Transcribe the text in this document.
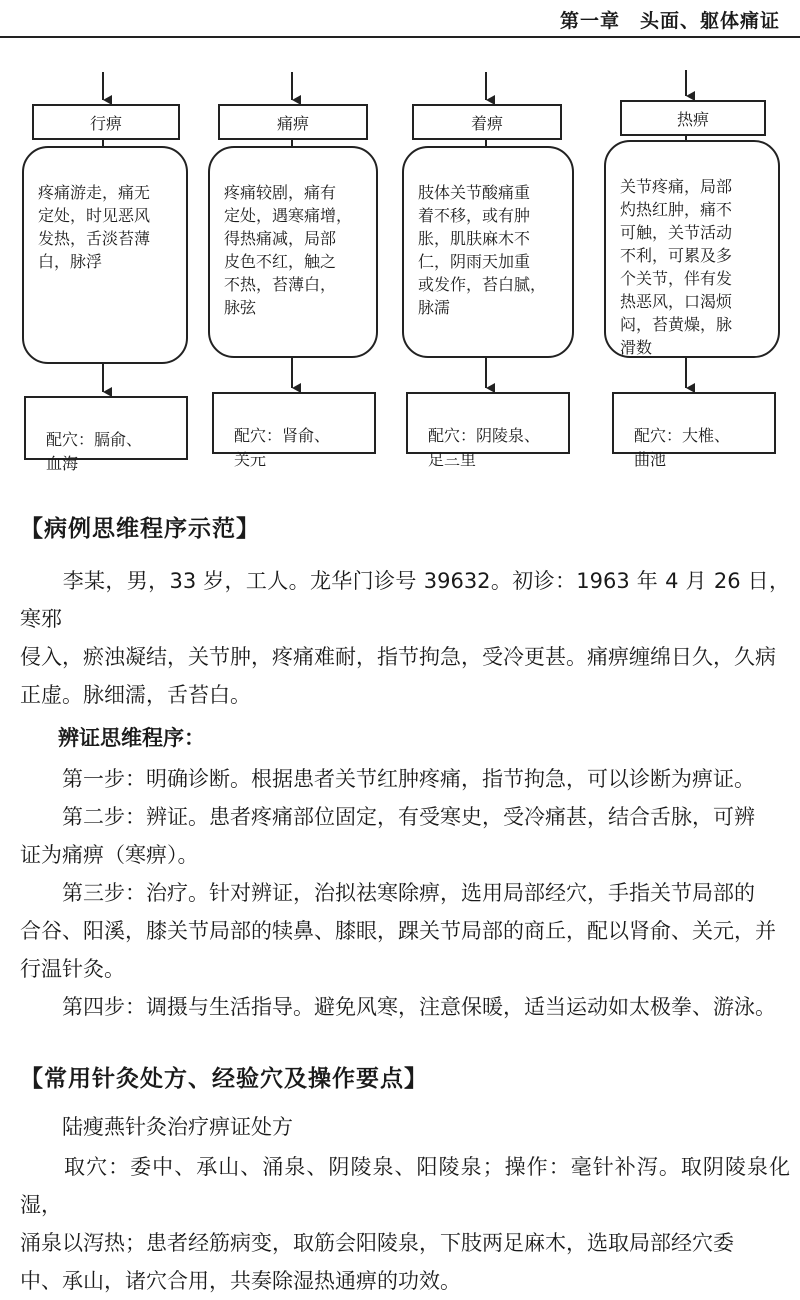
第一章　头面、躯体痛证
行痹

疼痛游走，痛无
定处，时见恶风
发热，舌淡苔薄
白，脉浮

配穴：膈俞、
血海

痛痹

疼痛较剧，痛有
定处，遇寒痛增，
得热痛减，局部
皮色不红，触之
不热，苔薄白，
脉弦

配穴：肾俞、
关元

着痹

肢体关节酸痛重
着不移，或有肿
胀，肌肤麻木不
仁，阴雨天加重
或发作，苔白腻，
脉濡

配穴：阴陵泉、
足三里

热痹

关节疼痛，局部
灼热红肿，痛不
可触，关节活动
不利，可累及多
个关节，伴有发
热恶风，口渴烦
闷，苔黄燥，脉
滑数

配穴：大椎、
曲池

【病例思维程序示范】
　　李某，男，33 岁，工人。龙华门诊号 39632。初诊：1963 年 4 月 26 日，寒邪
侵入，瘀浊凝结，关节肿，疼痛难耐，指节拘急，受冷更甚。痛痹缠绵日久，久病
正虚。脉细濡，舌苔白。
辨证思维程序：
　　第一步：明确诊断。根据患者关节红肿疼痛，指节拘急，可以诊断为痹证。
　　第二步：辨证。患者疼痛部位固定，有受寒史，受冷痛甚，结合舌脉，可辨
证为痛痹（寒痹）。
　　第三步：治疗。针对辨证，治拟祛寒除痹，选用局部经穴，手指关节局部的
合谷、阳溪，膝关节局部的犊鼻、膝眼，踝关节局部的商丘，配以肾俞、关元，并
行温针灸。
　　第四步：调摄与生活指导。避免风寒，注意保暖，适当运动如太极拳、游泳。
【常用针灸处方、经验穴及操作要点】
　　陆瘦燕针灸治疗痹证处方
　　取穴：委中、承山、涌泉、阴陵泉、阳陵泉；操作：毫针补泻。取阴陵泉化湿，
涌泉以泻热；患者经筋病变，取筋会阳陵泉，下肢两足麻木，选取局部经穴委
中、承山，诸穴合用，共奏除湿热通痹的功效。
